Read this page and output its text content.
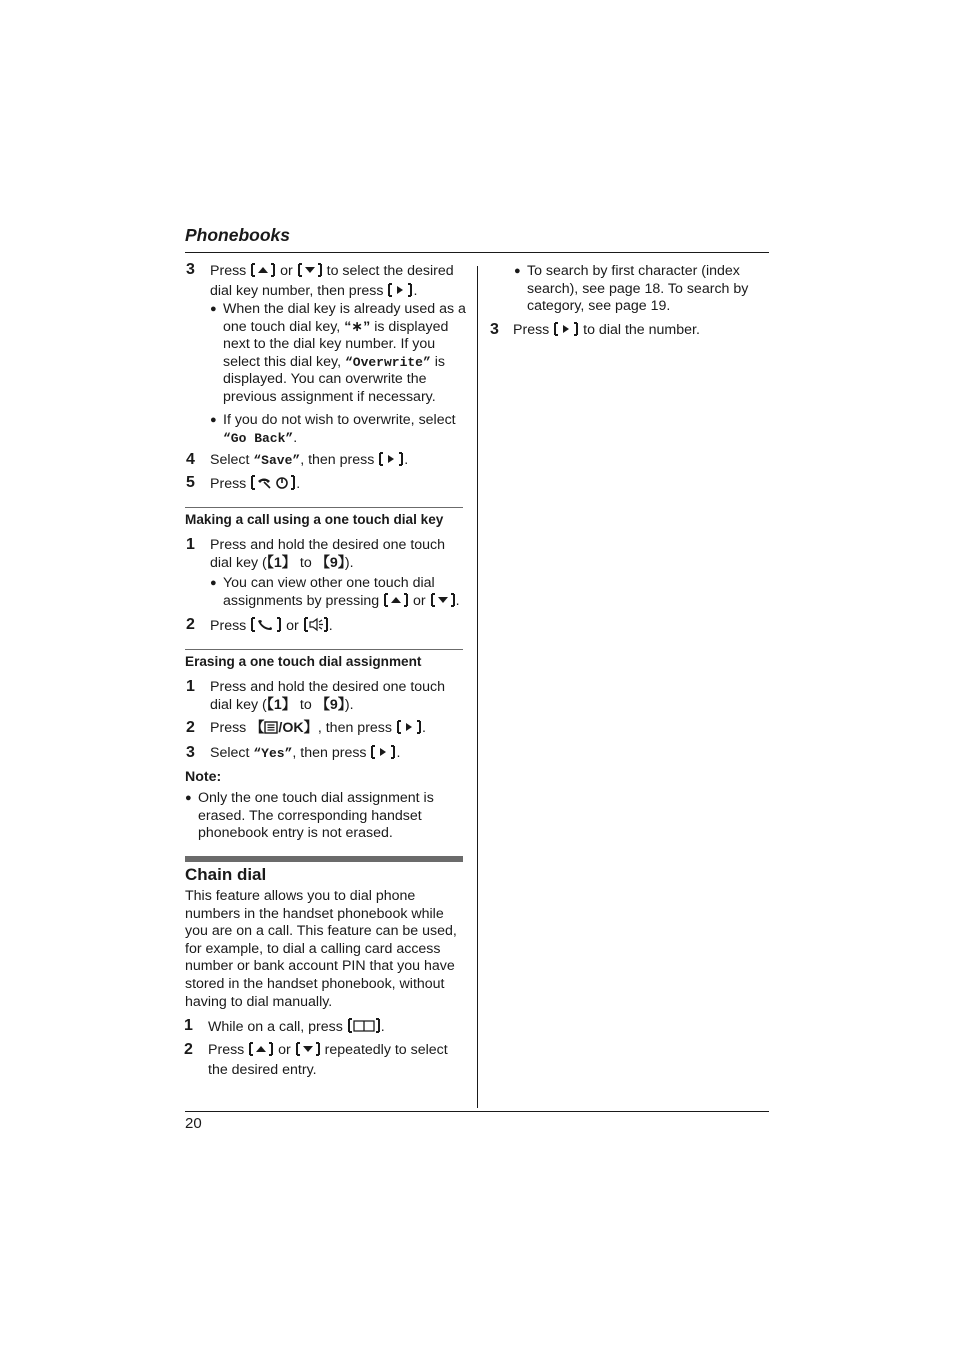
Phonebooks
3 Press  or  to select the desired
dial key number, then press .
● When the dial key is already used as a
one touch dial key, “∗” is displayed
next to the dial key number. If you
select this dial key, “Overwrite” is
displayed. You can overwrite the
previous assignment if necessary.
● If you do not wish to overwrite, select
“Go Back”.
4 Select “Save”, then press .
5 Press	.
Making a call using a one touch dial key
1 Press and hold the desired one touch
dial key (【1】 to 【9】).
● You can view other one touch dial
assignments by pressing  or .
2 Press  or .
Erasing a one touch dial assignment
1 Press and hold the desired one touch
dial key (【1】 to 【9】).
2 Press 【 /OK】, then press .
3 Select “Yes”, then press .
Note:
● Only the one touch dial assignment is
erased. The corresponding handset
phonebook entry is not erased.
Chain dial
This feature allows you to dial phone
numbers in the handset phonebook while
you are on a call. This feature can be used,
for example, to dial a calling card access
number or bank account PIN that you have
stored in the handset phonebook, without
having to dial manually.
1 While on a call, press .
2 Press  or  repeatedly to select
the desired entry.
● To search by first character (index
search), see page 18. To search by
category, see page 19.
3 Press  to dial the number.
20
